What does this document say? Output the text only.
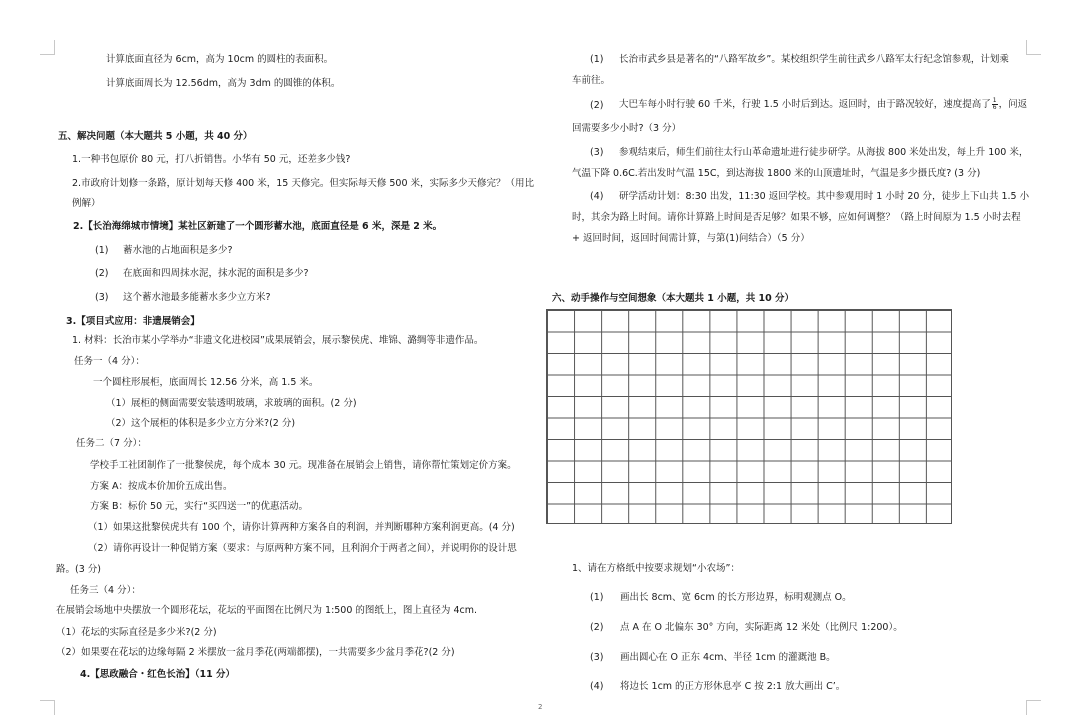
计算底面直径为 6cm，高为 10cm 的圆柱的表面积。
计算底面周长为 12.56dm，高为 3dm 的圆锥的体积。
五、解决问题（本大题共 5 小题，共 40 分）
1.一种书包原价 80 元，打八折销售。小华有 50 元，还差多少钱?
2.市政府计划修一条路，原计划每天修 400 米，15 天修完。但实际每天修 500 米，实际多少天修完？（用比
例解）
2.【长治海绵城市情境】某社区新建了一个圆形蓄水池，底面直径是 6 米，深是 2 米。
(1) 蓄水池的占地面积是多少?
(2) 在底面和四周抹水泥，抹水泥的面积是多少?
(3) 这个蓄水池最多能蓄水多少立方米?
3.【项目式应用：非遗展销会】
1. 材料：长治市某小学举办“非遗文化进校园”成果展销会，展示黎侯虎、堆锦、潞绸等非遗作品。
任务一（4 分）：
一个圆柱形展柜，底面周长 12.56 分米，高 1.5 米。
（1）展柜的侧面需要安装透明玻璃，求玻璃的面积。(2 分)
（2）这个展柜的体积是多少立方分米?(2 分)
任务二（7 分）：
学校手工社团制作了一批黎侯虎，每个成本 30 元。现准备在展销会上销售，请你帮忙策划定价方案。
方案 A：按成本价加价五成出售。
方案 B：标价 50 元，实行“买四送一”的优惠活动。
（1）如果这批黎侯虎共有 100 个，请你计算两种方案各自的利润，并判断哪种方案利润更高。(4 分)
（2）请你再设计一种促销方案（要求：与原两种方案不同，且利润介于两者之间），并说明你的设计思
路。(3 分)
任务三（4 分）：
在展销会场地中央摆放一个圆形花坛，花坛的平面图在比例尺为 1:500 的图纸上，图上直径为 4cm.
（1）花坛的实际直径是多少米?(2 分)
（2）如果要在花坛的边缘每隔 2 米摆放一盆月季花(两端都摆)，一共需要多少盆月季花?(2 分)
4.【思政融合・红色长治】（11 分）
(1) 长治市武乡县是著名的“八路军故乡”。某校组织学生前往武乡八路军太行纪念馆参观，计划乘
车前往。
(2) 大巴车每小时行驶 60 千米，行驶 1.5 小时后到达。返回时，由于路况较好，速度提高了 $\frac{1}{6}$ ，问返
回需要多少小时?（3 分）
(3) 参观结束后，师生们前往太行山革命遗址进行徒步研学。从海拔 800 米处出发，每上升 100 米，
气温下降 0.6C.若出发时气温 15C，到达海拔 1800 米的山顶遗址时，气温是多少摄氏度? (3 分)
(4) 研学活动计划：8:30 出发，11:30 返回学校。其中参观用时 1 小时 20 分，徒步上下山共 1.5 小
时，其余为路上时间。请你计算路上时间是否足够？如果不够，应如何调整？（路上时间原为 1.5 小时去程
+ 返回时间，返回时间需计算，与第(1)问结合）（5 分）
六、动手操作与空间想象（本大题共 1 小题，共 10 分）
1、请在方格纸中按要求规划“小农场”：
(1) 画出长 8cm、宽 6cm 的长方形边界，标明观测点 O。
(2) 点 A 在 O 北偏东 30° 方向，实际距离 12 米处（比例尺 1:200）。
(3) 画出圆心在 O 正东 4cm、半径 1cm 的灌溉池 B。
(4) 将边长 1cm 的正方形休息亭 C 按 2:1 放大画出 C’。
2
